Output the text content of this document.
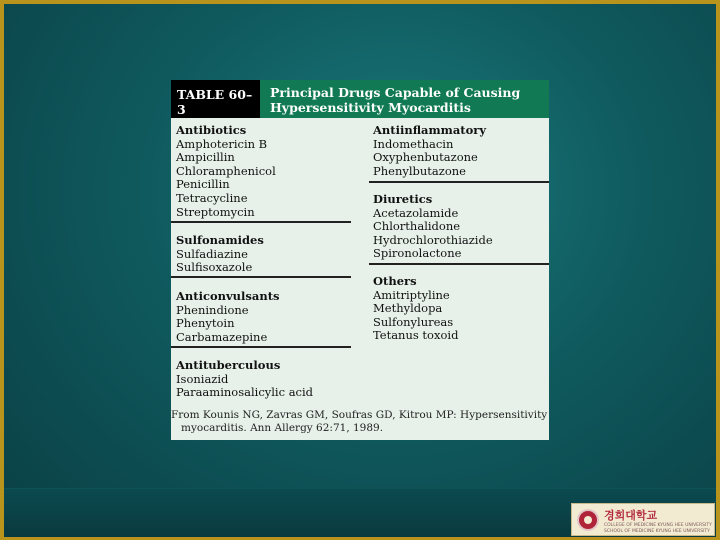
TABLE 60–3
Principal Drugs Capable of Causing
Hypersensitivity Myocarditis
Antibiotics
Amphotericin B
Ampicillin
Chloramphenicol
Penicillin
Tetracycline
Streptomycin
Sulfonamides
Sulfadiazine
Sulfisoxazole
Anticonvulsants
Phenindione
Phenytoin
Carbamazepine
Antituberculous
Isoniazid
Paraaminosalicylic acid
Antiinflammatory
Indomethacin
Oxyphenbutazone
Phenylbutazone
Diuretics
Acetazolamide
Chlorthalidone
Hydrochlorothiazide
Spironolactone
Others
Amitriptyline
Methyldopa
Sulfonylureas
Tetanus toxoid
From Kounis NG, Zavras GM, Soufras GD, Kitrou MP: Hypersensitivity
myocarditis. Ann Allergy 62:71, 1989.
경희대학교
COLLEGE OF MEDICINE KYUNG HEE UNIVERSITY
SCHOOL OF MEDICINE KYUNG HEE UNIVERSITY
